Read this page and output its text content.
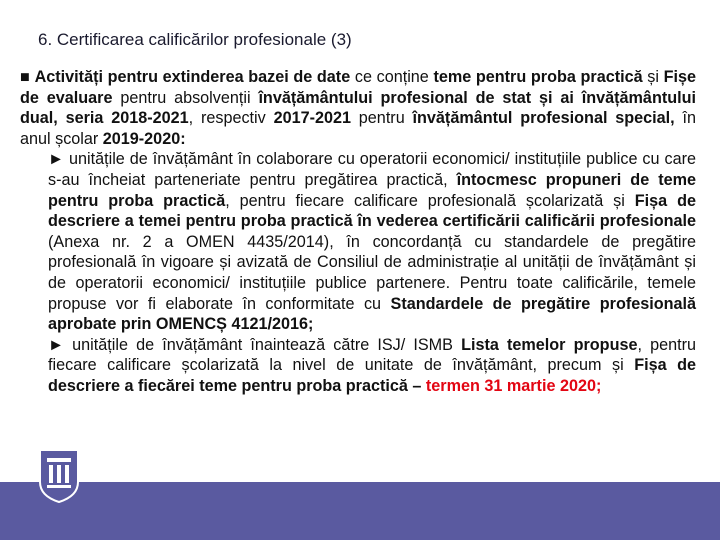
6. Certificarea calificărilor profesionale (3)

■ Activități pentru extinderea bazei de date ce conține teme pentru proba practică și Fișe de evaluare pentru absolvenții învățământului profesional de stat și ai învățământului dual, seria 2018-2021, respectiv 2017-2021 pentru învățământul profesional special, în anul școlar 2019-2020:

► unitățile de învățământ în colaborare cu operatorii economici/ instituțiile publice cu care s-au încheiat parteneriate pentru pregătirea practică, întocmesc propuneri de teme pentru proba practică, pentru fiecare calificare profesională școlarizată și Fișa de descriere a temei pentru proba practică în vederea certificării calificării profesionale (Anexa nr. 2 a OMEN 4435/2014), în concordanță cu standardele de pregătire profesională în vigoare și avizată de Consiliul de administrație al unității de învățământ și de operatorii economici/ instituțiile publice partenere. Pentru toate calificările, temele propuse vor fi elaborate în conformitate cu Standardele de pregătire profesională aprobate prin OMENCȘ 4121/2016;

► unitățile de învățământ înaintează către ISJ/ ISMB Lista temelor propuse, pentru fiecare calificare școlarizată la nivel de unitate de învățământ, precum și Fișa de descriere a fiecărei teme pentru proba practică – termen 31 martie 2020;
